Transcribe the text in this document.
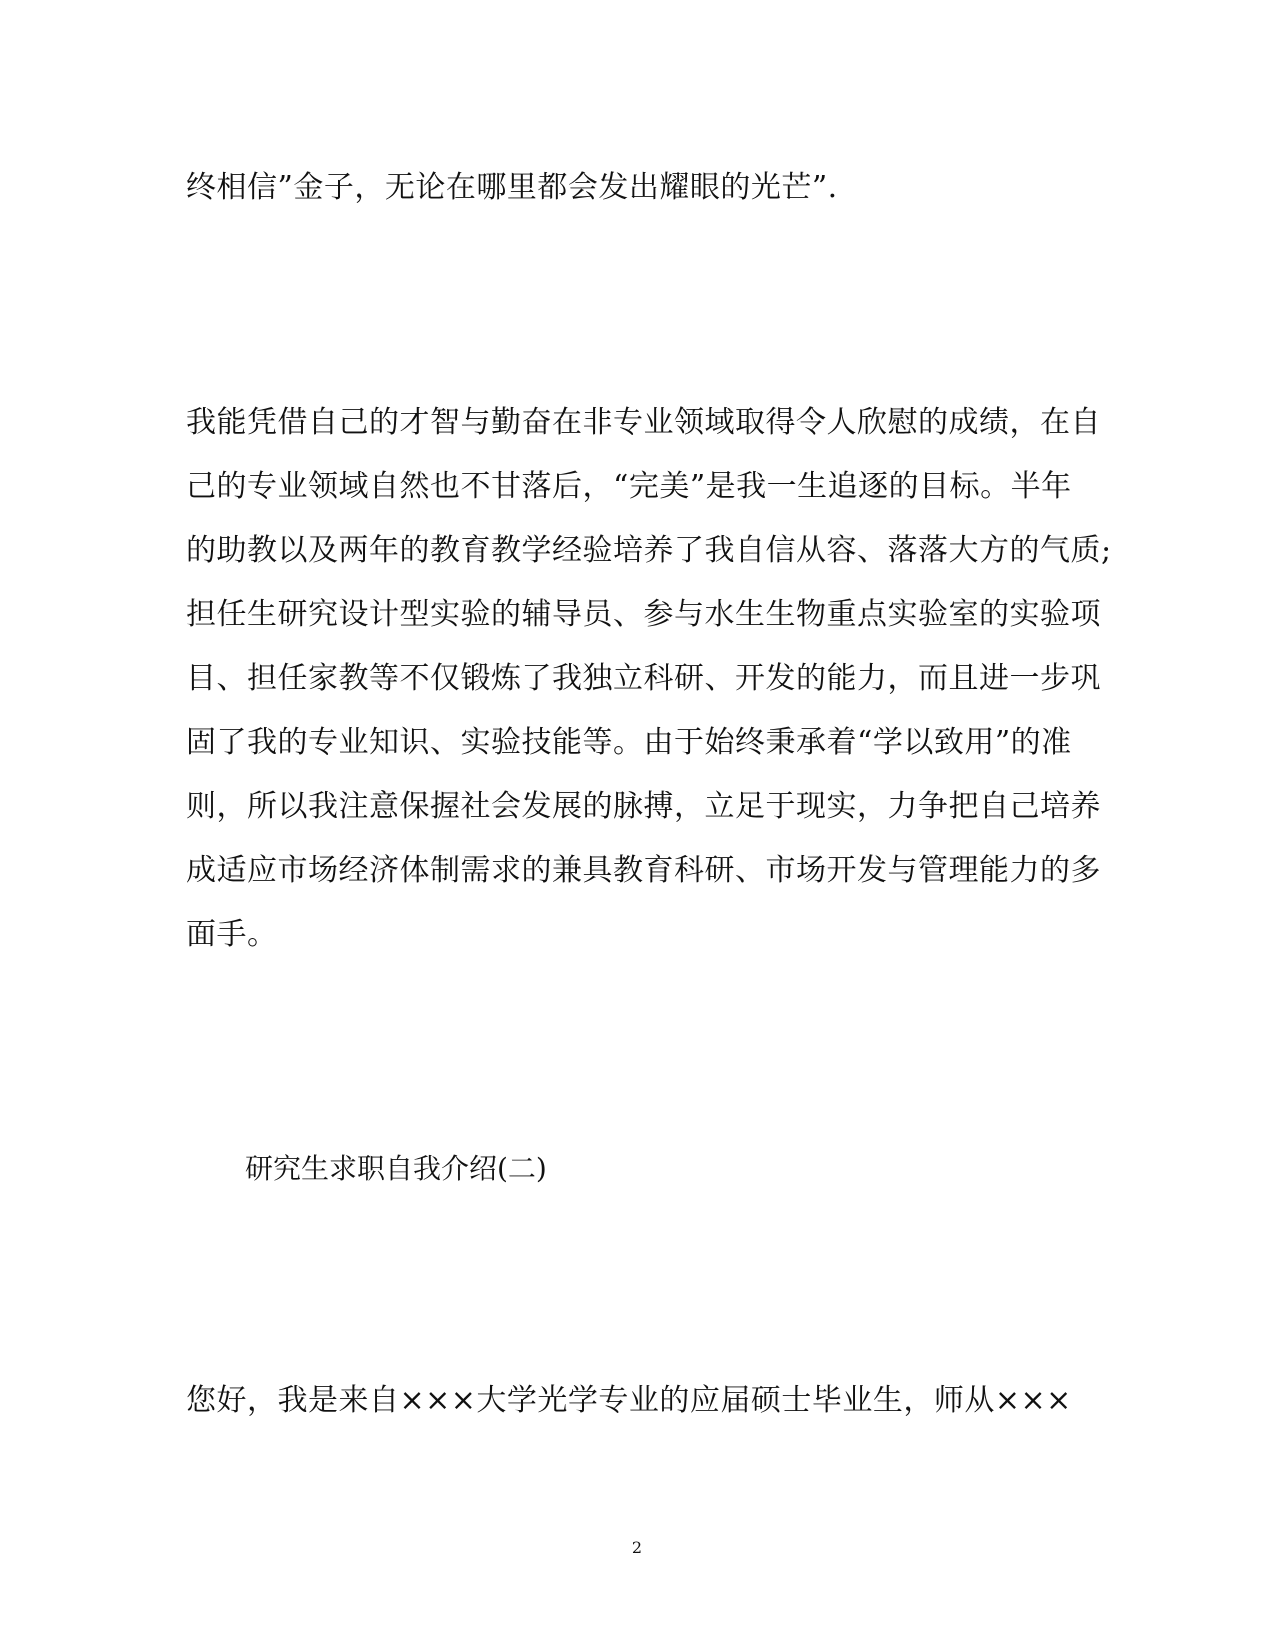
终相信”金子，无论在哪里都会发出耀眼的光芒”.
我能凭借自己的才智与勤奋在非专业领域取得令人欣慰的成绩，在自
己的专业领域自然也不甘落后，“完美”是我一生追逐的目标。半年
的助教以及两年的教育教学经验培养了我自信从容、落落大方的气质;
担任生研究设计型实验的辅导员、参与水生生物重点实验室的实验项
目、担任家教等不仅锻炼了我独立科研、开发的能力，而且进一步巩
固了我的专业知识、实验技能等。由于始终秉承着“学以致用”的准
则，所以我注意保握社会发展的脉搏，立足于现实，力争把自己培养
成适应市场经济体制需求的兼具教育科研、市场开发与管理能力的多
面手。
研究生求职自我介绍(二)
您好，我是来自×××大学光学专业的应届硕士毕业生，师从×××
2
